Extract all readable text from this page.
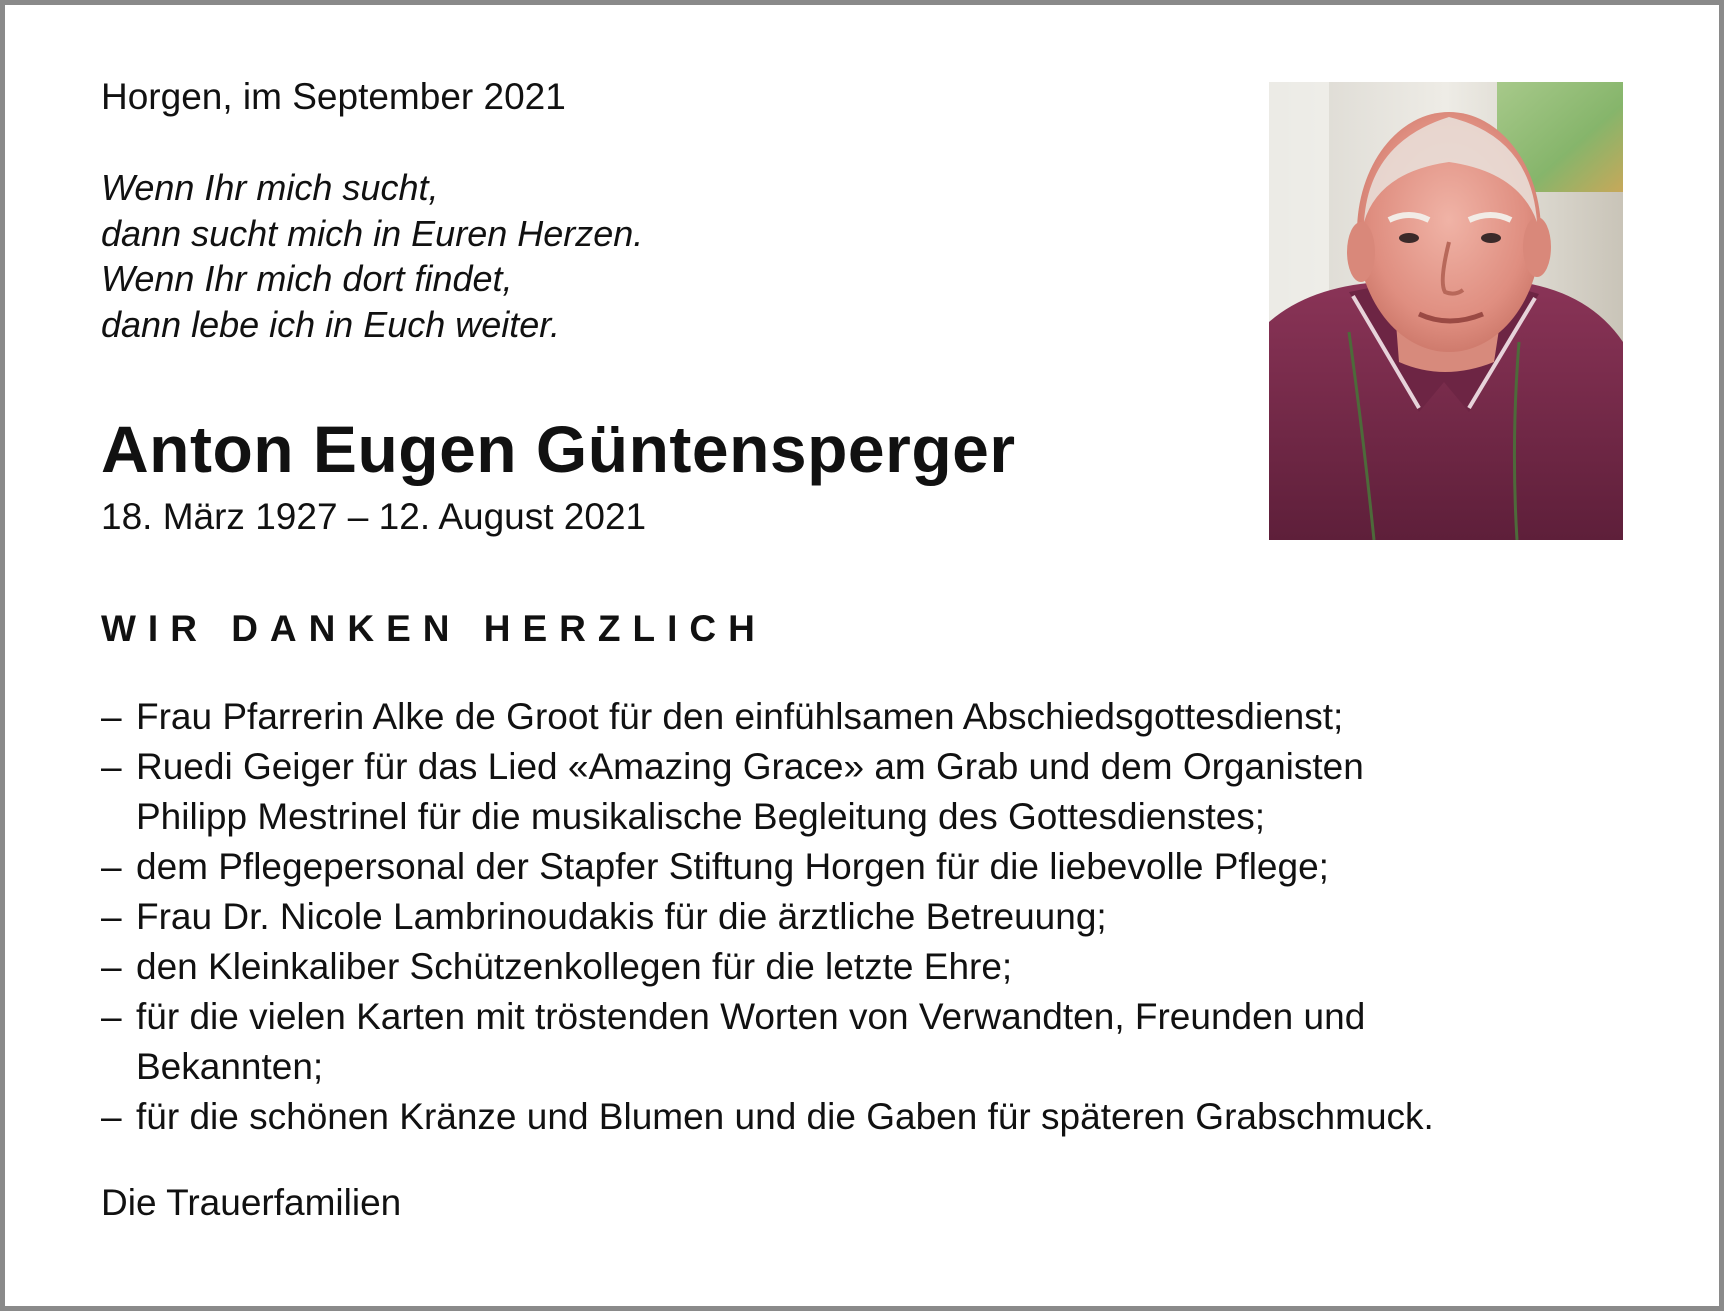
Horgen, im September 2021

Wenn Ihr mich sucht,
dann sucht mich in Euren Herzen.
Wenn Ihr mich dort findet,
dann lebe ich in Euch weiter.
Anton Eugen Güntensperger
18. März 1927 – 12. August 2021
WIR DANKEN HERZLICH
– Frau Pfarrerin Alke de Groot für den einfühlsamen Abschiedsgottesdienst;
– Ruedi Geiger für das Lied «Amazing Grace» am Grab und dem Organisten
Philipp Mestrinel für die musikalische Begleitung des Gottesdienstes;
– dem Pflegepersonal der Stapfer Stiftung Horgen für die liebevolle Pflege;
– Frau Dr. Nicole Lambrinoudakis für die ärztliche Betreuung;
– den Kleinkaliber Schützenkollegen für die letzte Ehre;
– für die vielen Karten mit tröstenden Worten von Verwandten, Freunden und
Bekannten;
– für die schönen Kränze und Blumen und die Gaben für späteren Grabschmuck.
Die Trauerfamilien
